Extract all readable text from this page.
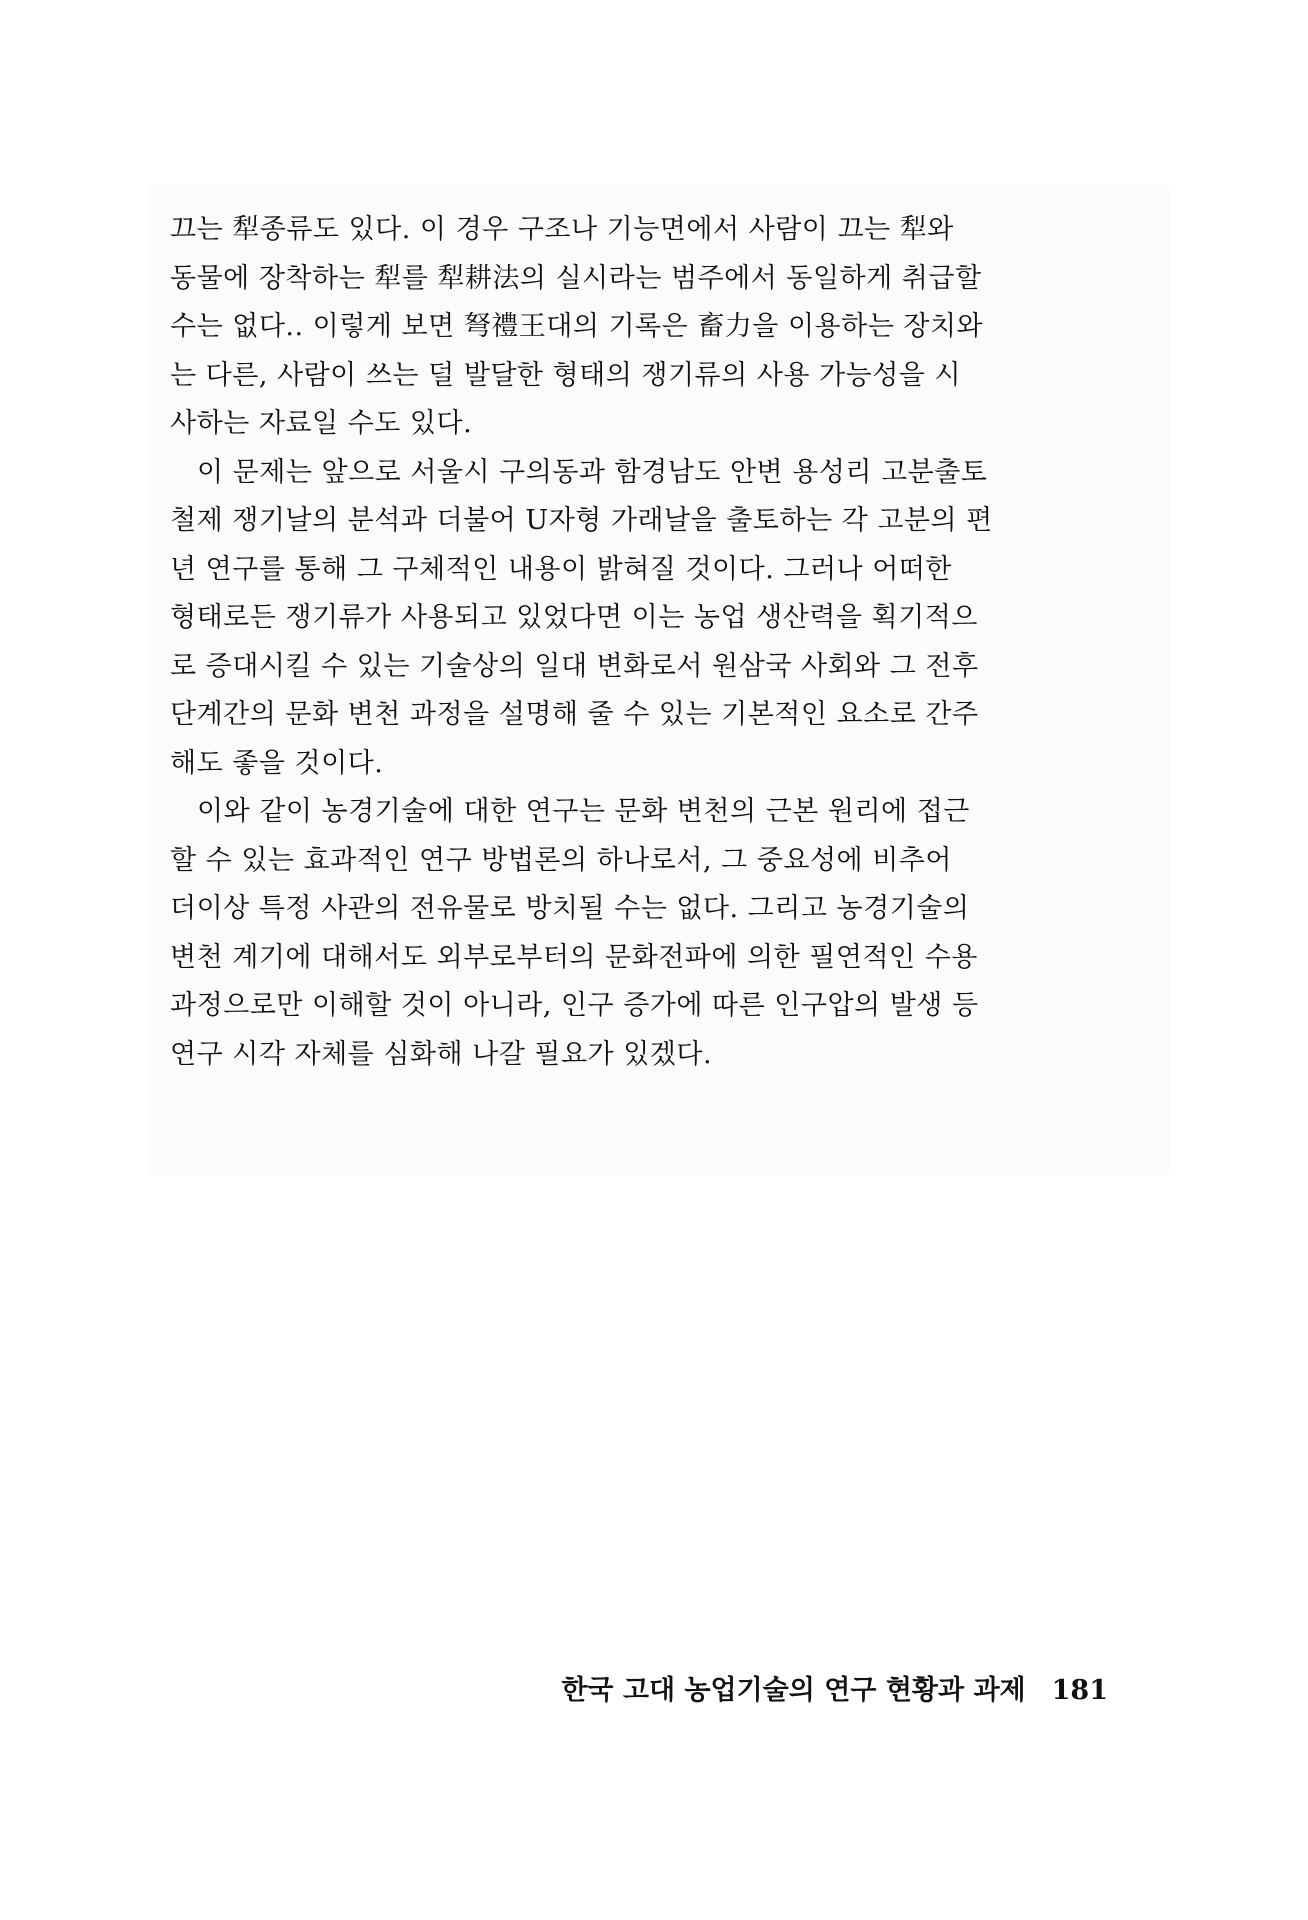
끄는 犁종류도 있다. 이 경우 구조나 기능면에서 사람이 끄는 犁와
동물에 장착하는 犁를 犁耕法의 실시라는 범주에서 동일하게 취급할
수는 없다.. 이렇게 보면 弩禮王대의 기록은 畜力을 이용하는 장치와
는 다른, 사람이 쓰는 덜 발달한 형태의 쟁기류의 사용 가능성을 시
사하는 자료일 수도 있다.
이 문제는 앞으로 서울시 구의동과 함경남도 안변 용성리 고분출토
철제 쟁기날의 분석과 더불어 U자형 가래날을 출토하는 각 고분의 편
년 연구를 통해 그 구체적인 내용이 밝혀질 것이다. 그러나 어떠한
형태로든 쟁기류가 사용되고 있었다면 이는 농업 생산력을 획기적으
로 증대시킬 수 있는 기술상의 일대 변화로서 원삼국 사회와 그 전후
단계간의 문화 변천 과정을 설명해 줄 수 있는 기본적인 요소로 간주
해도 좋을 것이다.
이와 같이 농경기술에 대한 연구는 문화 변천의 근본 원리에 접근
할 수 있는 효과적인 연구 방법론의 하나로서, 그 중요성에 비추어
더이상 특정 사관의 전유물로 방치될 수는 없다. 그리고 농경기술의
변천 계기에 대해서도 외부로부터의 문화전파에 의한 필연적인 수용
과정으로만 이해할 것이 아니라, 인구 증가에 따른 인구압의 발생 등
연구 시각 자체를 심화해 나갈 필요가 있겠다.
한국 고대 농업기술의 연구 현황과 과제 181
